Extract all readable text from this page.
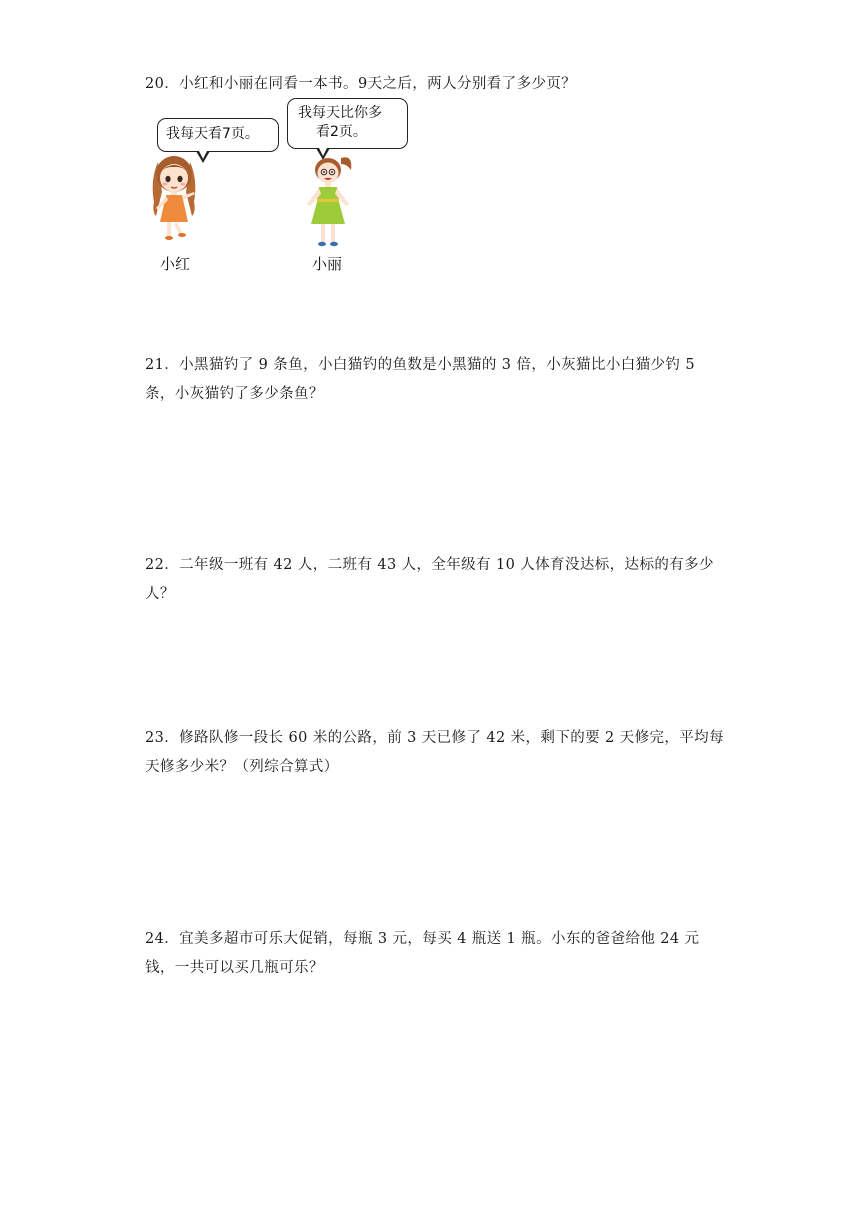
20．小红和小丽在同看一本书。9天之后，两人分别看了多少页？

我每天看7页。
我每天比你多
看2页。
小红	小丽

21．小黑猫钓了 9 条鱼，小白猫钓的鱼数是小黑猫的 3 倍，小灰猫比小白猫少钓 5 条，小灰猫钓了多少条鱼？

22．二年级一班有 42 人，二班有 43 人，全年级有 10 人体育没达标，达标的有多少人？

23．修路队修一段长 60 米的公路，前 3 天已修了 42 米，剩下的要 2 天修完，平均每天修多少米？（列综合算式）

24．宜美多超市可乐大促销，每瓶 3 元，每买 4 瓶送 1 瓶。小东的爸爸给他 24 元钱，一共可以买几瓶可乐？
